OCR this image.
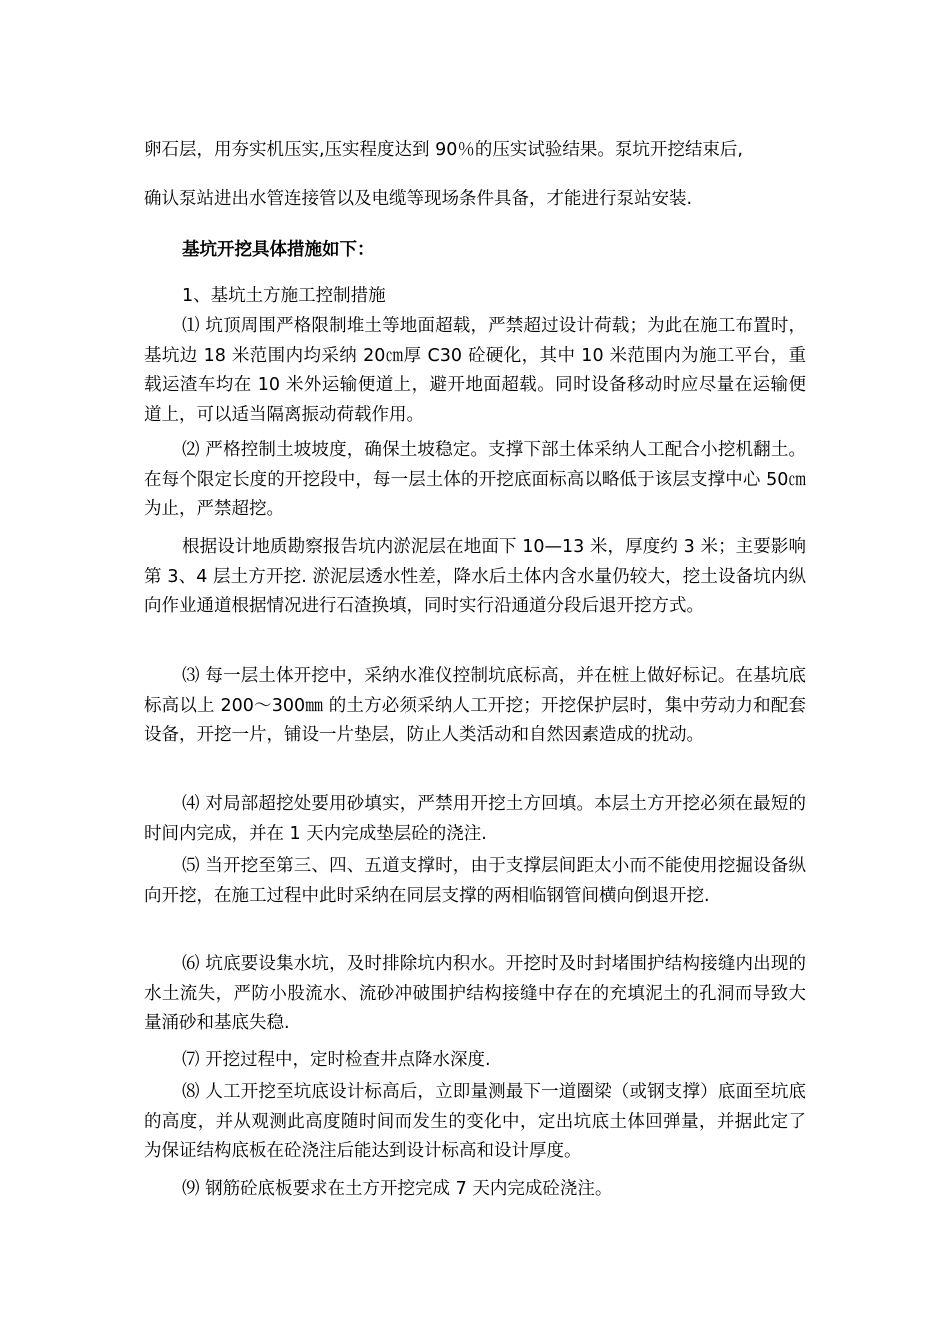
卵石层，用夯实机压实,压实程度达到 90％的压实试验结果。泵坑开挖结束后,
确认泵站进出水管连接管以及电缆等现场条件具备，才能进行泵站安装.
基坑开挖具体措施如下：
1、基坑土方施工控制措施
⑴ 坑顶周围严格限制堆土等地面超载，严禁超过设计荷载；为此在施工布置时，基坑边 18 米范围内均采纳 20㎝厚 C30 砼硬化，其中 10 米范围内为施工平台，重载运渣车均在 10 米外运输便道上，避开地面超载。同时设备移动时应尽量在运输便道上，可以适当隔离振动荷载作用。
⑵ 严格控制土坡坡度，确保土坡稳定。支撑下部土体采纳人工配合小挖机翻土。在每个限定长度的开挖段中，每一层土体的开挖底面标高以略低于该层支撑中心 50㎝为止，严禁超挖。
根据设计地质勘察报告坑内淤泥层在地面下 10—13 米，厚度约 3 米；主要影响第 3、4 层土方开挖. 淤泥层透水性差，降水后土体内含水量仍较大，挖土设备坑内纵向作业通道根据情况进行石渣换填，同时实行沿通道分段后退开挖方式。
⑶ 每一层土体开挖中，采纳水准仪控制坑底标高，并在桩上做好标记。在基坑底标高以上 200～300㎜ 的土方必须采纳人工开挖；开挖保护层时，集中劳动力和配套设备，开挖一片，铺设一片垫层，防止人类活动和自然因素造成的扰动。
⑷ 对局部超挖处要用砂填实，严禁用开挖土方回填。本层土方开挖必须在最短的时间内完成，并在 1 天内完成垫层砼的浇注.
⑸ 当开挖至第三、四、五道支撑时，由于支撑层间距太小而不能使用挖掘设备纵向开挖，在施工过程中此时采纳在同层支撑的两相临钢管间横向倒退开挖.
⑹ 坑底要设集水坑，及时排除坑内积水。开挖时及时封堵围护结构接缝内出现的水土流失，严防小股流水、流砂冲破围护结构接缝中存在的充填泥土的孔洞而导致大量涌砂和基底失稳.
⑺ 开挖过程中，定时检查井点降水深度.
⑻ 人工开挖至坑底设计标高后，立即量测最下一道圈梁（或钢支撑）底面至坑底的高度，并从观测此高度随时间而发生的变化中，定出坑底土体回弹量，并据此定了为保证结构底板在砼浇注后能达到设计标高和设计厚度。
⑼ 钢筋砼底板要求在土方开挖完成 7 天内完成砼浇注。
